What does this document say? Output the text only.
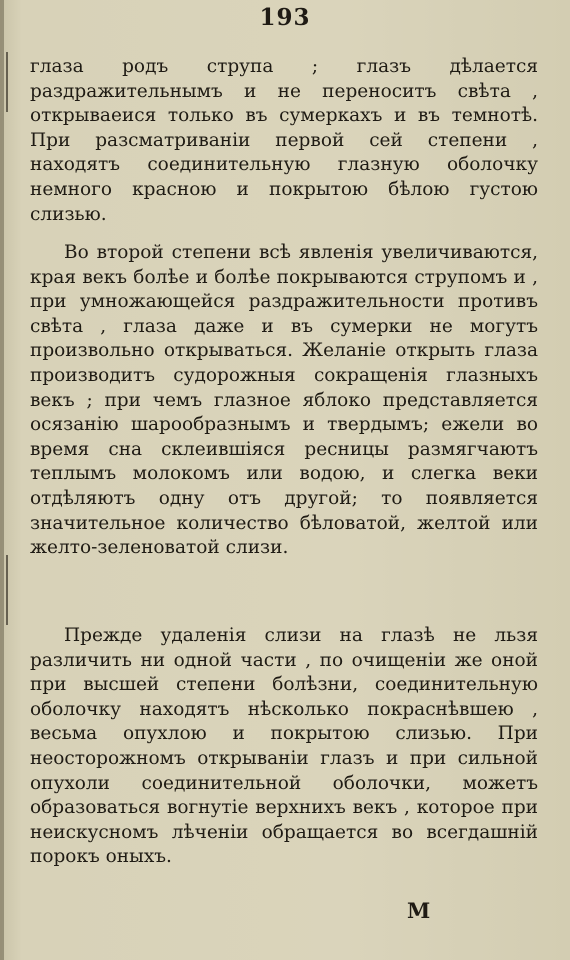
193
глаза родъ струпа ; глазъ дѣлается раздражительнымъ и не переноситъ свѣта , открываеися только въ сумеркахъ и въ темнотѣ. При разсматриваніи первой сей степени , находятъ соединительную глазную оболочку немного красною и покрытою бѣлою густою слизью.
Во второй степени всѣ явленія увеличиваются, края векъ болѣе и болѣе покрываются струпомъ и , при умножающейся раздражительности противъ свѣта , глаза даже и въ сумерки не могутъ произвольно открываться. Желаніе открыть глаза производитъ судорожныя сокращенія глазныхъ векъ ; при чемъ глазное яблоко представляется осязанію шарообразнымъ и твердымъ; ежели во время сна склеившіяся ресницы размягчаютъ теплымъ молокомъ или водою, и слегка веки отдѣляютъ одну отъ другой; то появляется значительное количество бѣловатой, желтой или желто-зеленоватой слизи.
Прежде удаленія слизи на глазѣ не льзя различить ни одной части , по очищеніи же оной при высшей степени болѣзни, соединительную оболочку находятъ нѣсколько покраснѣвшею , весьма опухлою и покрытою слизью. При неосторожномъ открываніи глазъ и при сильной опухоли соединительной оболочки, можетъ образоваться вогнутіе верхнихъ векъ , которое при неискусномъ лѣченіи обращается во всегдашній порокъ оныхъ.
М
